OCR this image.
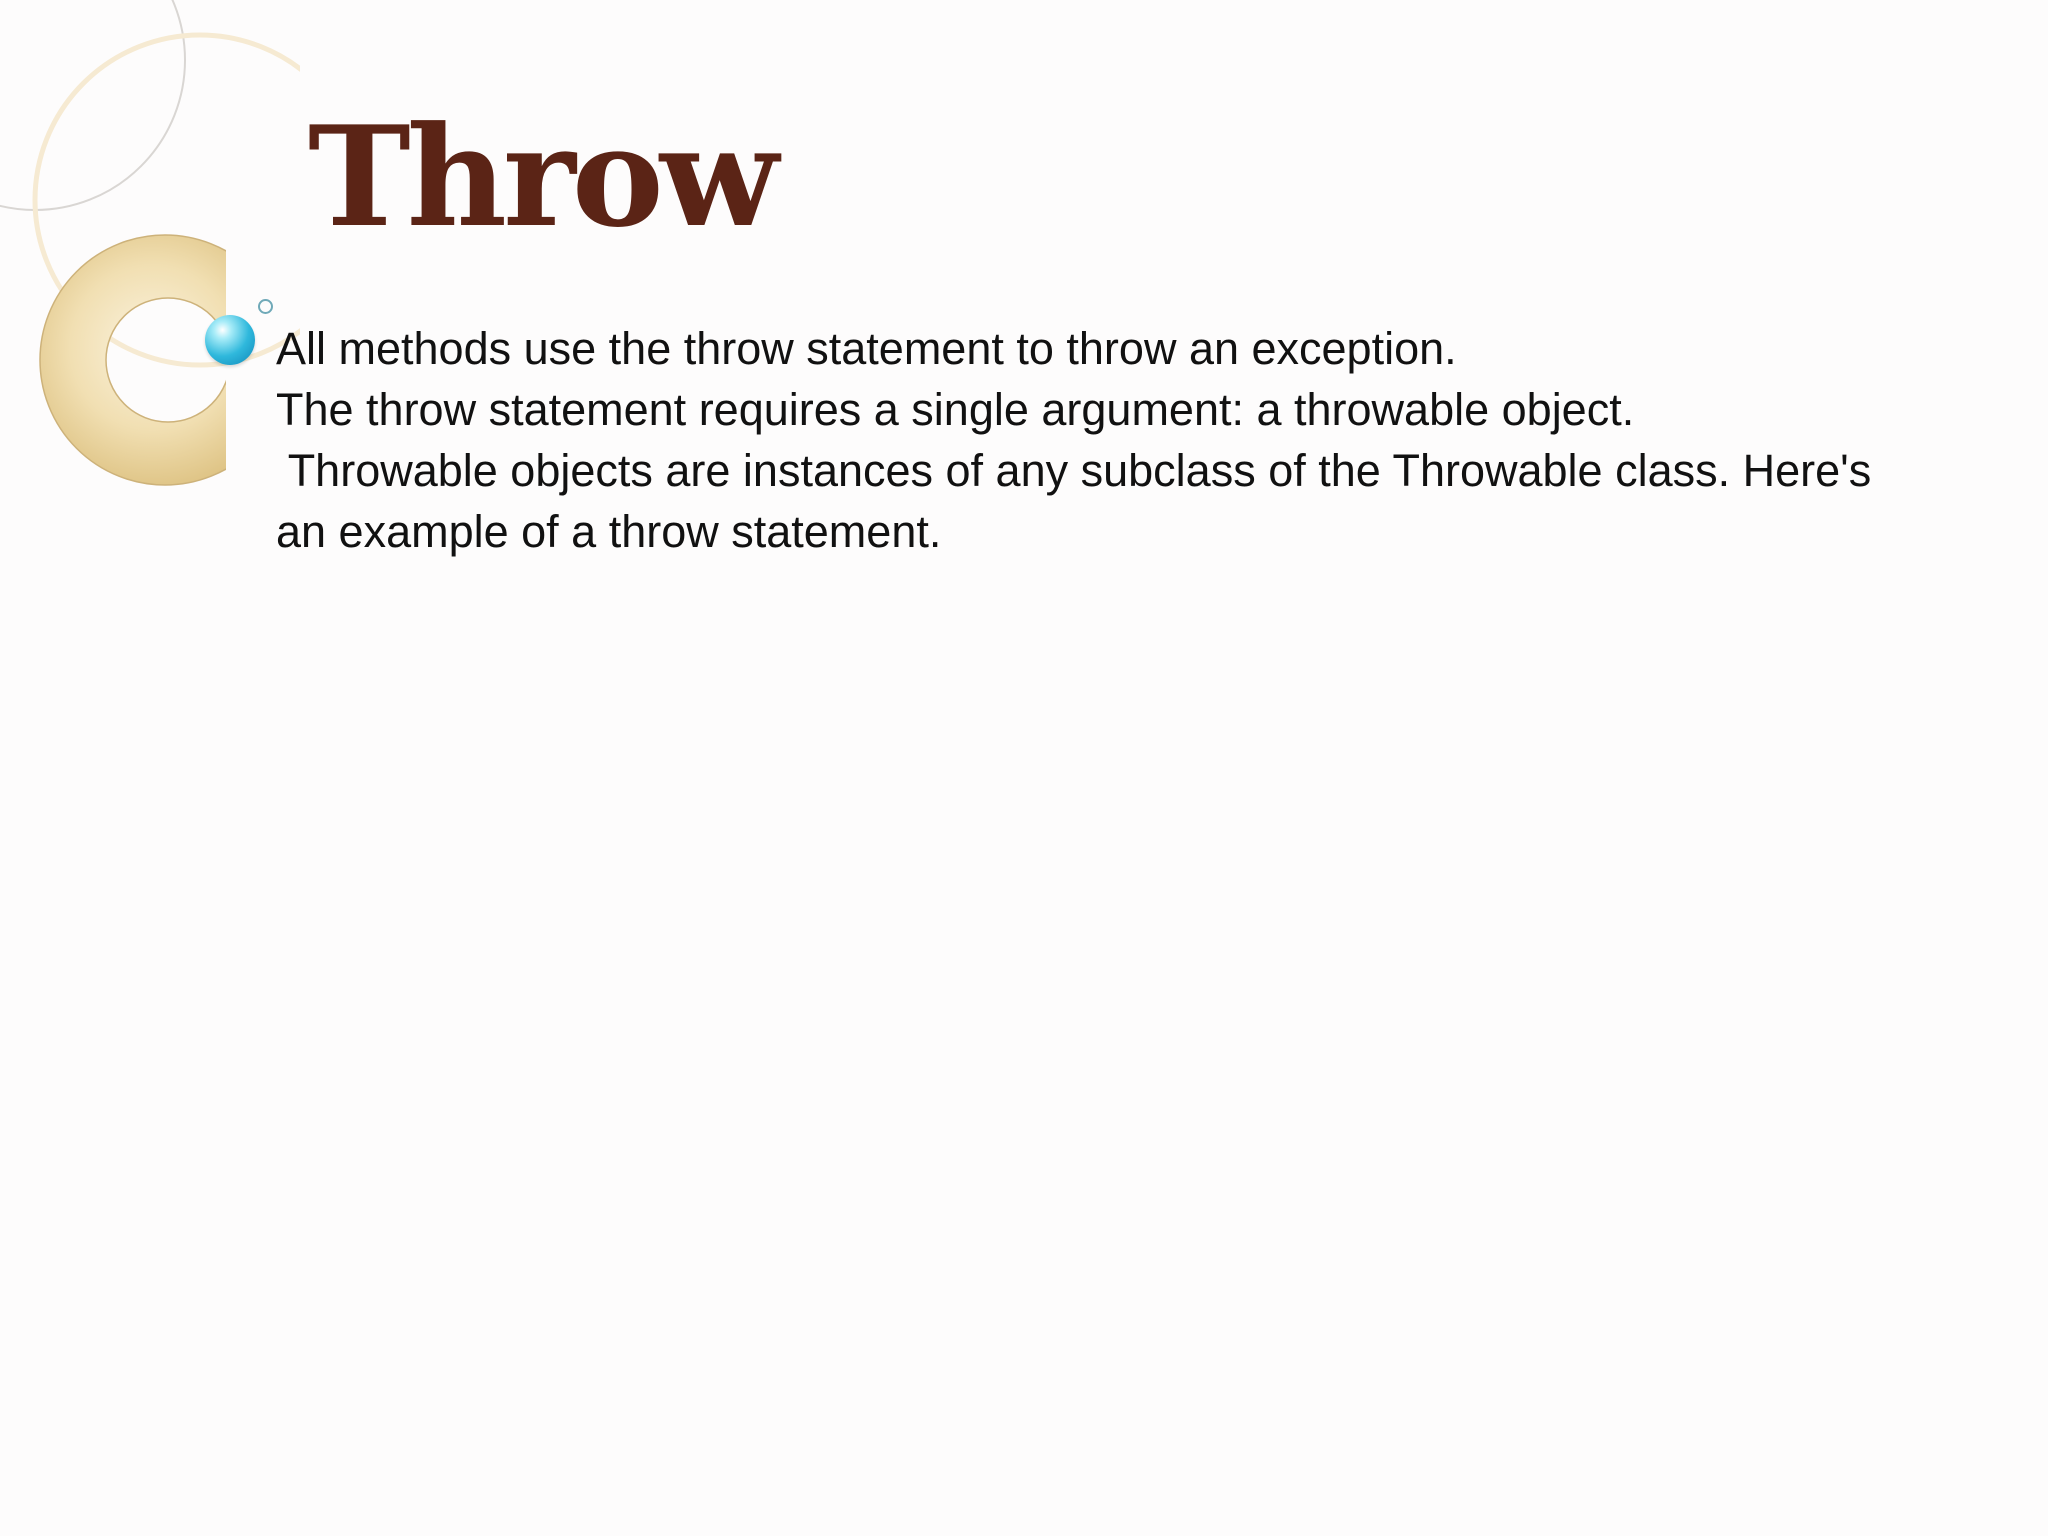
Throw

All methods use the throw statement to throw an exception.
The throw statement requires a single argument: a throwable object.
Throwable objects are instances of any subclass of the Throwable class. Here's
an example of a throw statement.
